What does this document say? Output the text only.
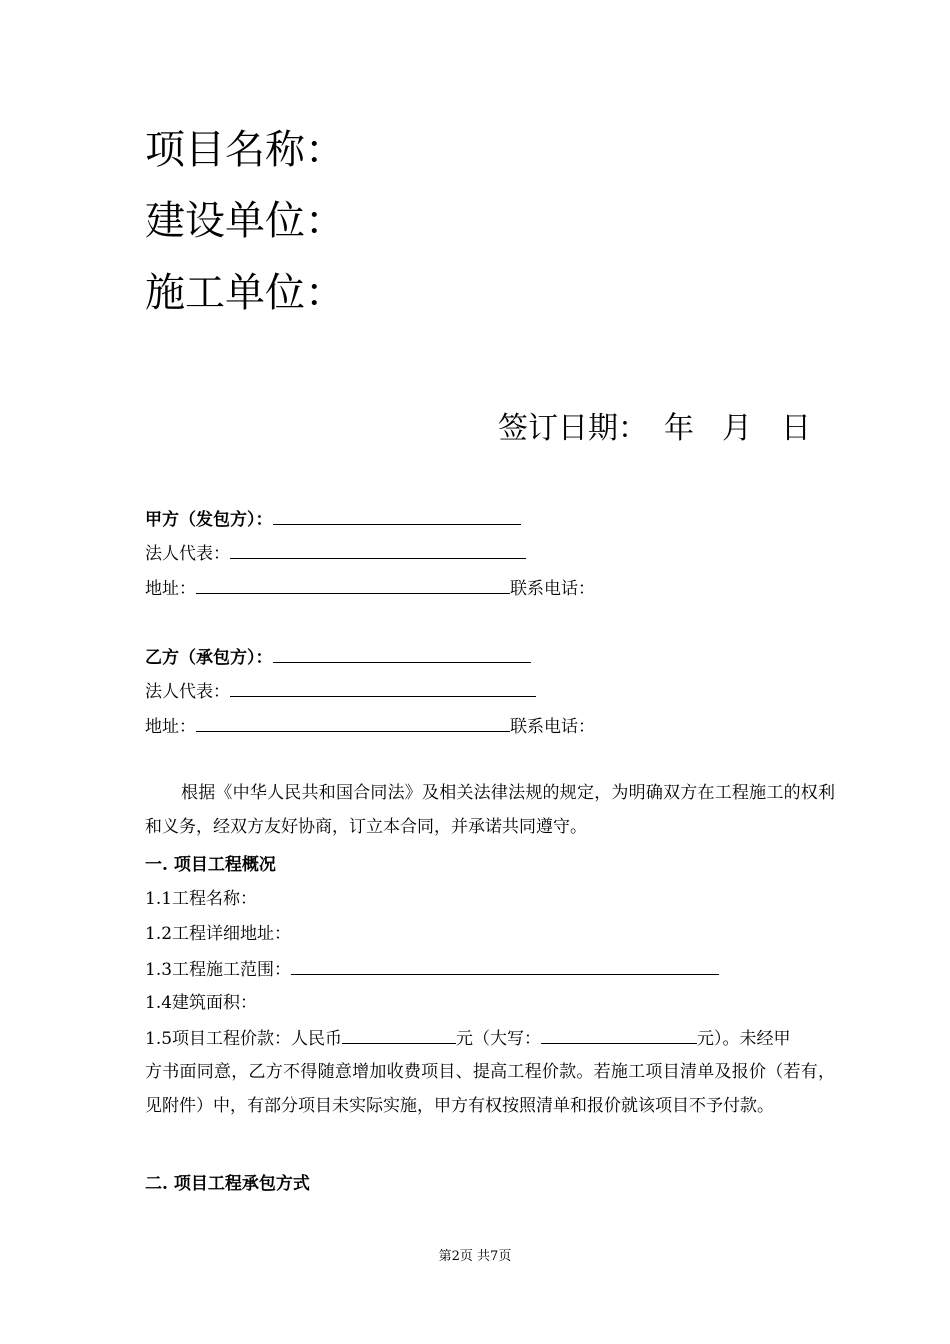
项目名称：
建设单位：
施工单位：
签订日期： 年 月 日
甲方（发包方）：
法人代表：
地址：	联系电话：
乙方（承包方）：
法人代表：
地址：	联系电话：
根据《中华人民共和国合同法》及相关法律法规的规定，为明确双方在工程施工的权利和义务，经双方友好协商，订立本合同，并承诺共同遵守。
一. 项目工程概况
1.1工程名称：
1.2工程详细地址：
1.3工程施工范围：
1.4建筑面积：
1.5项目工程价款：人民币	元（大写：	元）。未经甲
方书面同意，乙方不得随意增加收费项目、提高工程价款。若施工项目清单及报价（若有，见附件）中，有部分项目未实际实施，甲方有权按照清单和报价就该项目不予付款。
二. 项目工程承包方式
第2页 共7页
